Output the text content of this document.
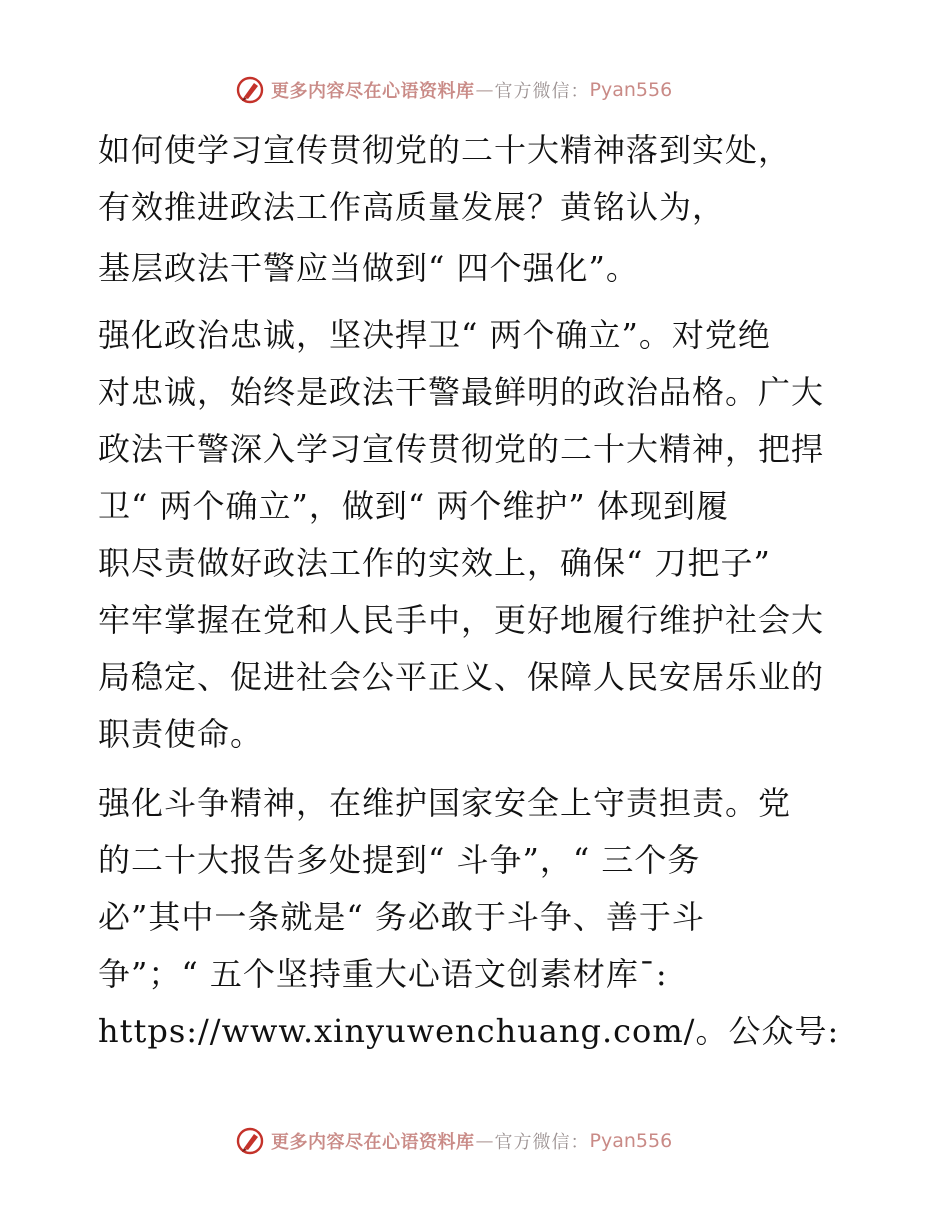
更多内容尽在心语资料库 — 官方微信： Pyan556

如何使学习宣传贯彻党的二十大精神落到实处，
有效推进政法工作高质量发展？黄铭认为，

基层政法干警应当做到“ 四个强化”。

强化政治忠诚，坚决捍卫“ 两个确立”。对党绝
对忠诚，始终是政法干警最鲜明的政治品格。广大
政法干警深入学习宣传贯彻党的二十大精神，把捍
卫“ 两个确立”，做到“ 两个维护” 体现到履
职尽责做好政法工作的实效上，确保“ 刀把子”
牢牢掌握在党和人民手中，更好地履行维护社会大
局稳定、促进社会公平正义、保障人民安居乐业的
职责使命。

强化斗争精神，在维护国家安全上守责担责。党
的二十大报告多处提到“ 斗争”，“ 三个务
必”其中一条就是“ 务必敢于斗争、善于斗
争”；“ 五个坚持重大心语文创素材库¯:
https://www.xinyuwenchuang.com/。公众号:

更多内容尽在心语资料库 — 官方微信： Pyan556
